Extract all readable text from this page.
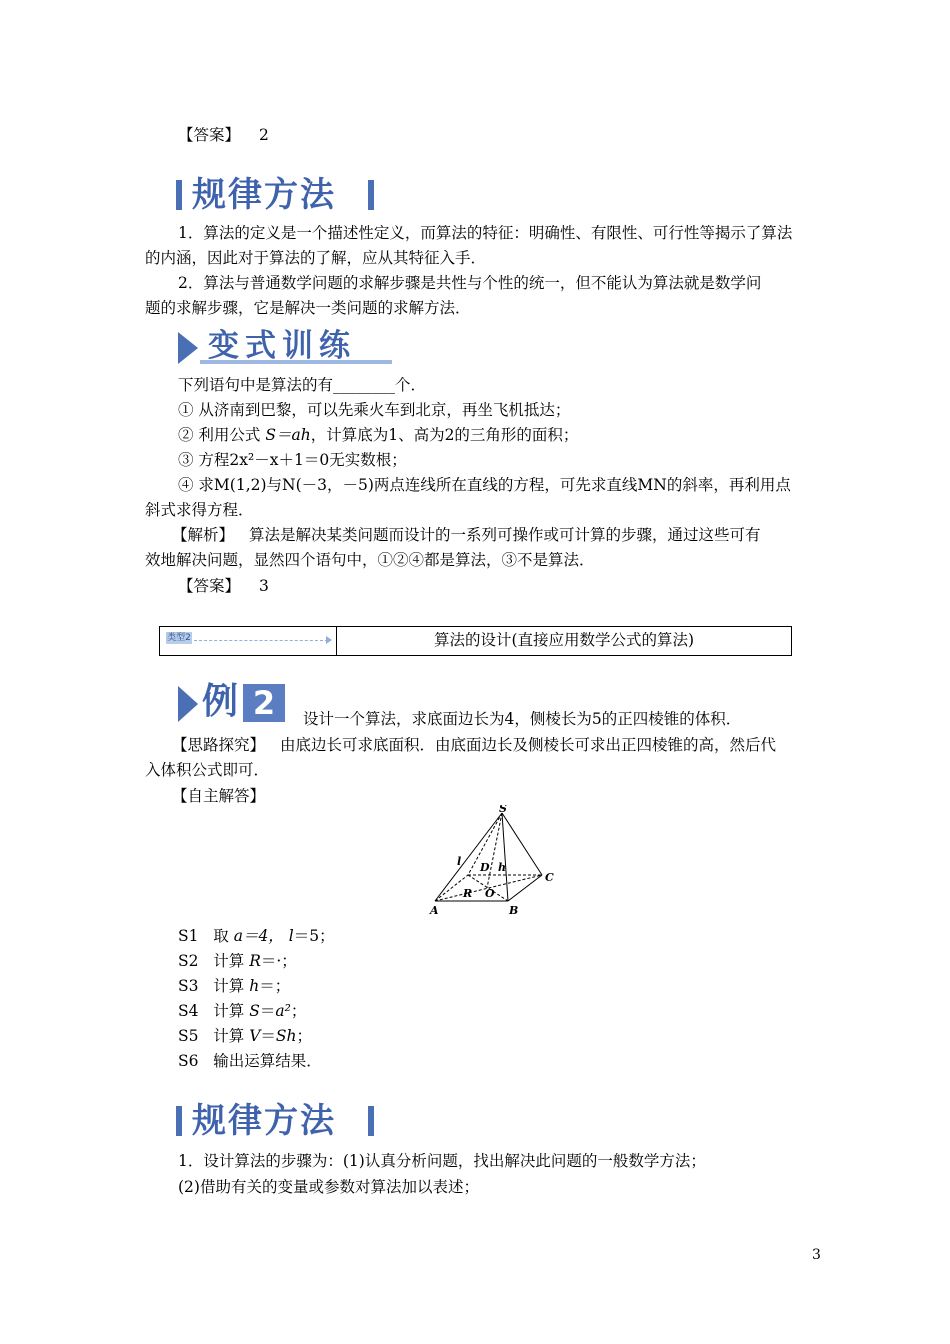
【答案】 2
规律方法
1．算法的定义是一个描述性定义，而算法的特征：明确性、有限性、可行性等揭示了算法
的内涵，因此对于算法的了解，应从其特征入手．
2．算法与普通数学问题的求解步骤是共性与个性的统一，但不能认为算法就是数学问
题的求解步骤，它是解决一类问题的求解方法．
变式训练
下列语句中是算法的有________个．
① 从济南到巴黎，可以先乘火车到北京，再坐飞机抵达；
② 利用公式 S＝ah，计算底为1、高为2的三角形的面积；
③ 方程2x²－x＋1＝0无实数根；
④ 求M(1,2)与N(－3，－5)两点连线所在直线的方程，可先求直线MN的斜率，再利用点
斜式求得方程．
【解析】 算法是解决某类问题而设计的一系列可操作或可计算的步骤，通过这些可有
效地解决问题，显然四个语句中，①②④都是算法，③不是算法．
【答案】 3
类型2	算法的设计(直接应用数学公式的算法)
例 2	设计一个算法，求底面边长为4，侧棱长为5的正四棱锥的体积．
【思路探究】 由底边长可求底面积．由底面边长及侧棱长可求出正四棱锥的高，然后代
入体积公式即可．
【自主解答】
S
l D h
C
R O
A	B
S1 取 a＝4， l＝5；
S2 计算 R＝·；
S3 计算 h＝；
S4 计算 S＝a²；
S5 计算 V＝Sh；
S6 输出运算结果．
规律方法
1．设计算法的步骤为：(1)认真分析问题，找出解决此问题的一般数学方法；
(2)借助有关的变量或参数对算法加以表述；
3
